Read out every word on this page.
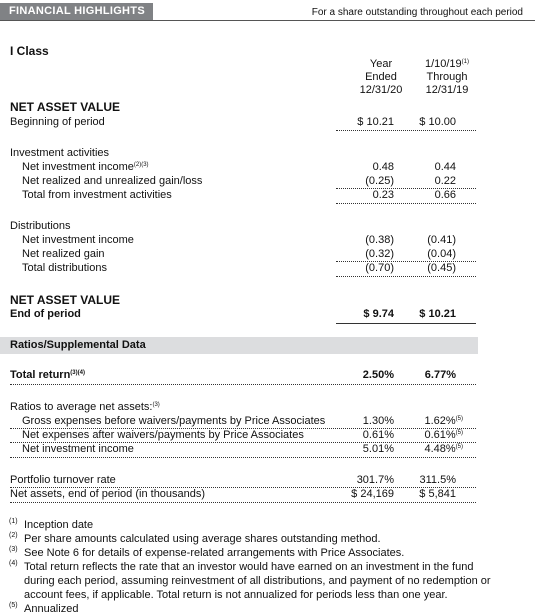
FINANCIAL HIGHLIGHTS	For a share outstanding throughout each period
I Class
Year
Ended
12/31/20
1/10/19$^{(1)}$
Through
12/31/19
NET ASSET VALUE
Beginning of period	$ 10.21 $ 10.00
Investment activities
Net investment income$^{(2)(3)}$	0.48	0.44
Net realized and unrealized gain/loss	(0.25)	0.22
Total from investment activities	0.23	0.66
Distributions
Net investment income	(0.38)	(0.41)
Net realized gain	(0.32)	(0.04)
Total distributions	(0.70)	(0.45)
NET ASSET VALUE
End of period	$ 9.74 $ 10.21
Ratios/Supplemental Data
Total return$^{(3)(4)}$	2.50%	6.77%
Ratios to average net assets:$^{(3)}$
Gross expenses before waivers/payments by Price Associates	1.30%	1.62%$^{(5)}$
Net expenses after waivers/payments by Price Associates	0.61%	0.61%$^{(5)}$
Net investment income	5.01%	4.48%$^{(5)}$
Portfolio turnover rate	301.7% 311.5%
Net assets, end of period (in thousands)	$ 24,169 $ 5,841
(1) Inception date
(2) Per share amounts calculated using average shares outstanding method.
(3) See Note 6 for details of expense-related arrangements with Price Associates.
(4) Total return reflects the rate that an investor would have earned on an investment in the fund
during each period, assuming reinvestment of all distributions, and payment of no redemption or
account fees, if applicable. Total return is not annualized for periods less than one year.
(5) Annualized
